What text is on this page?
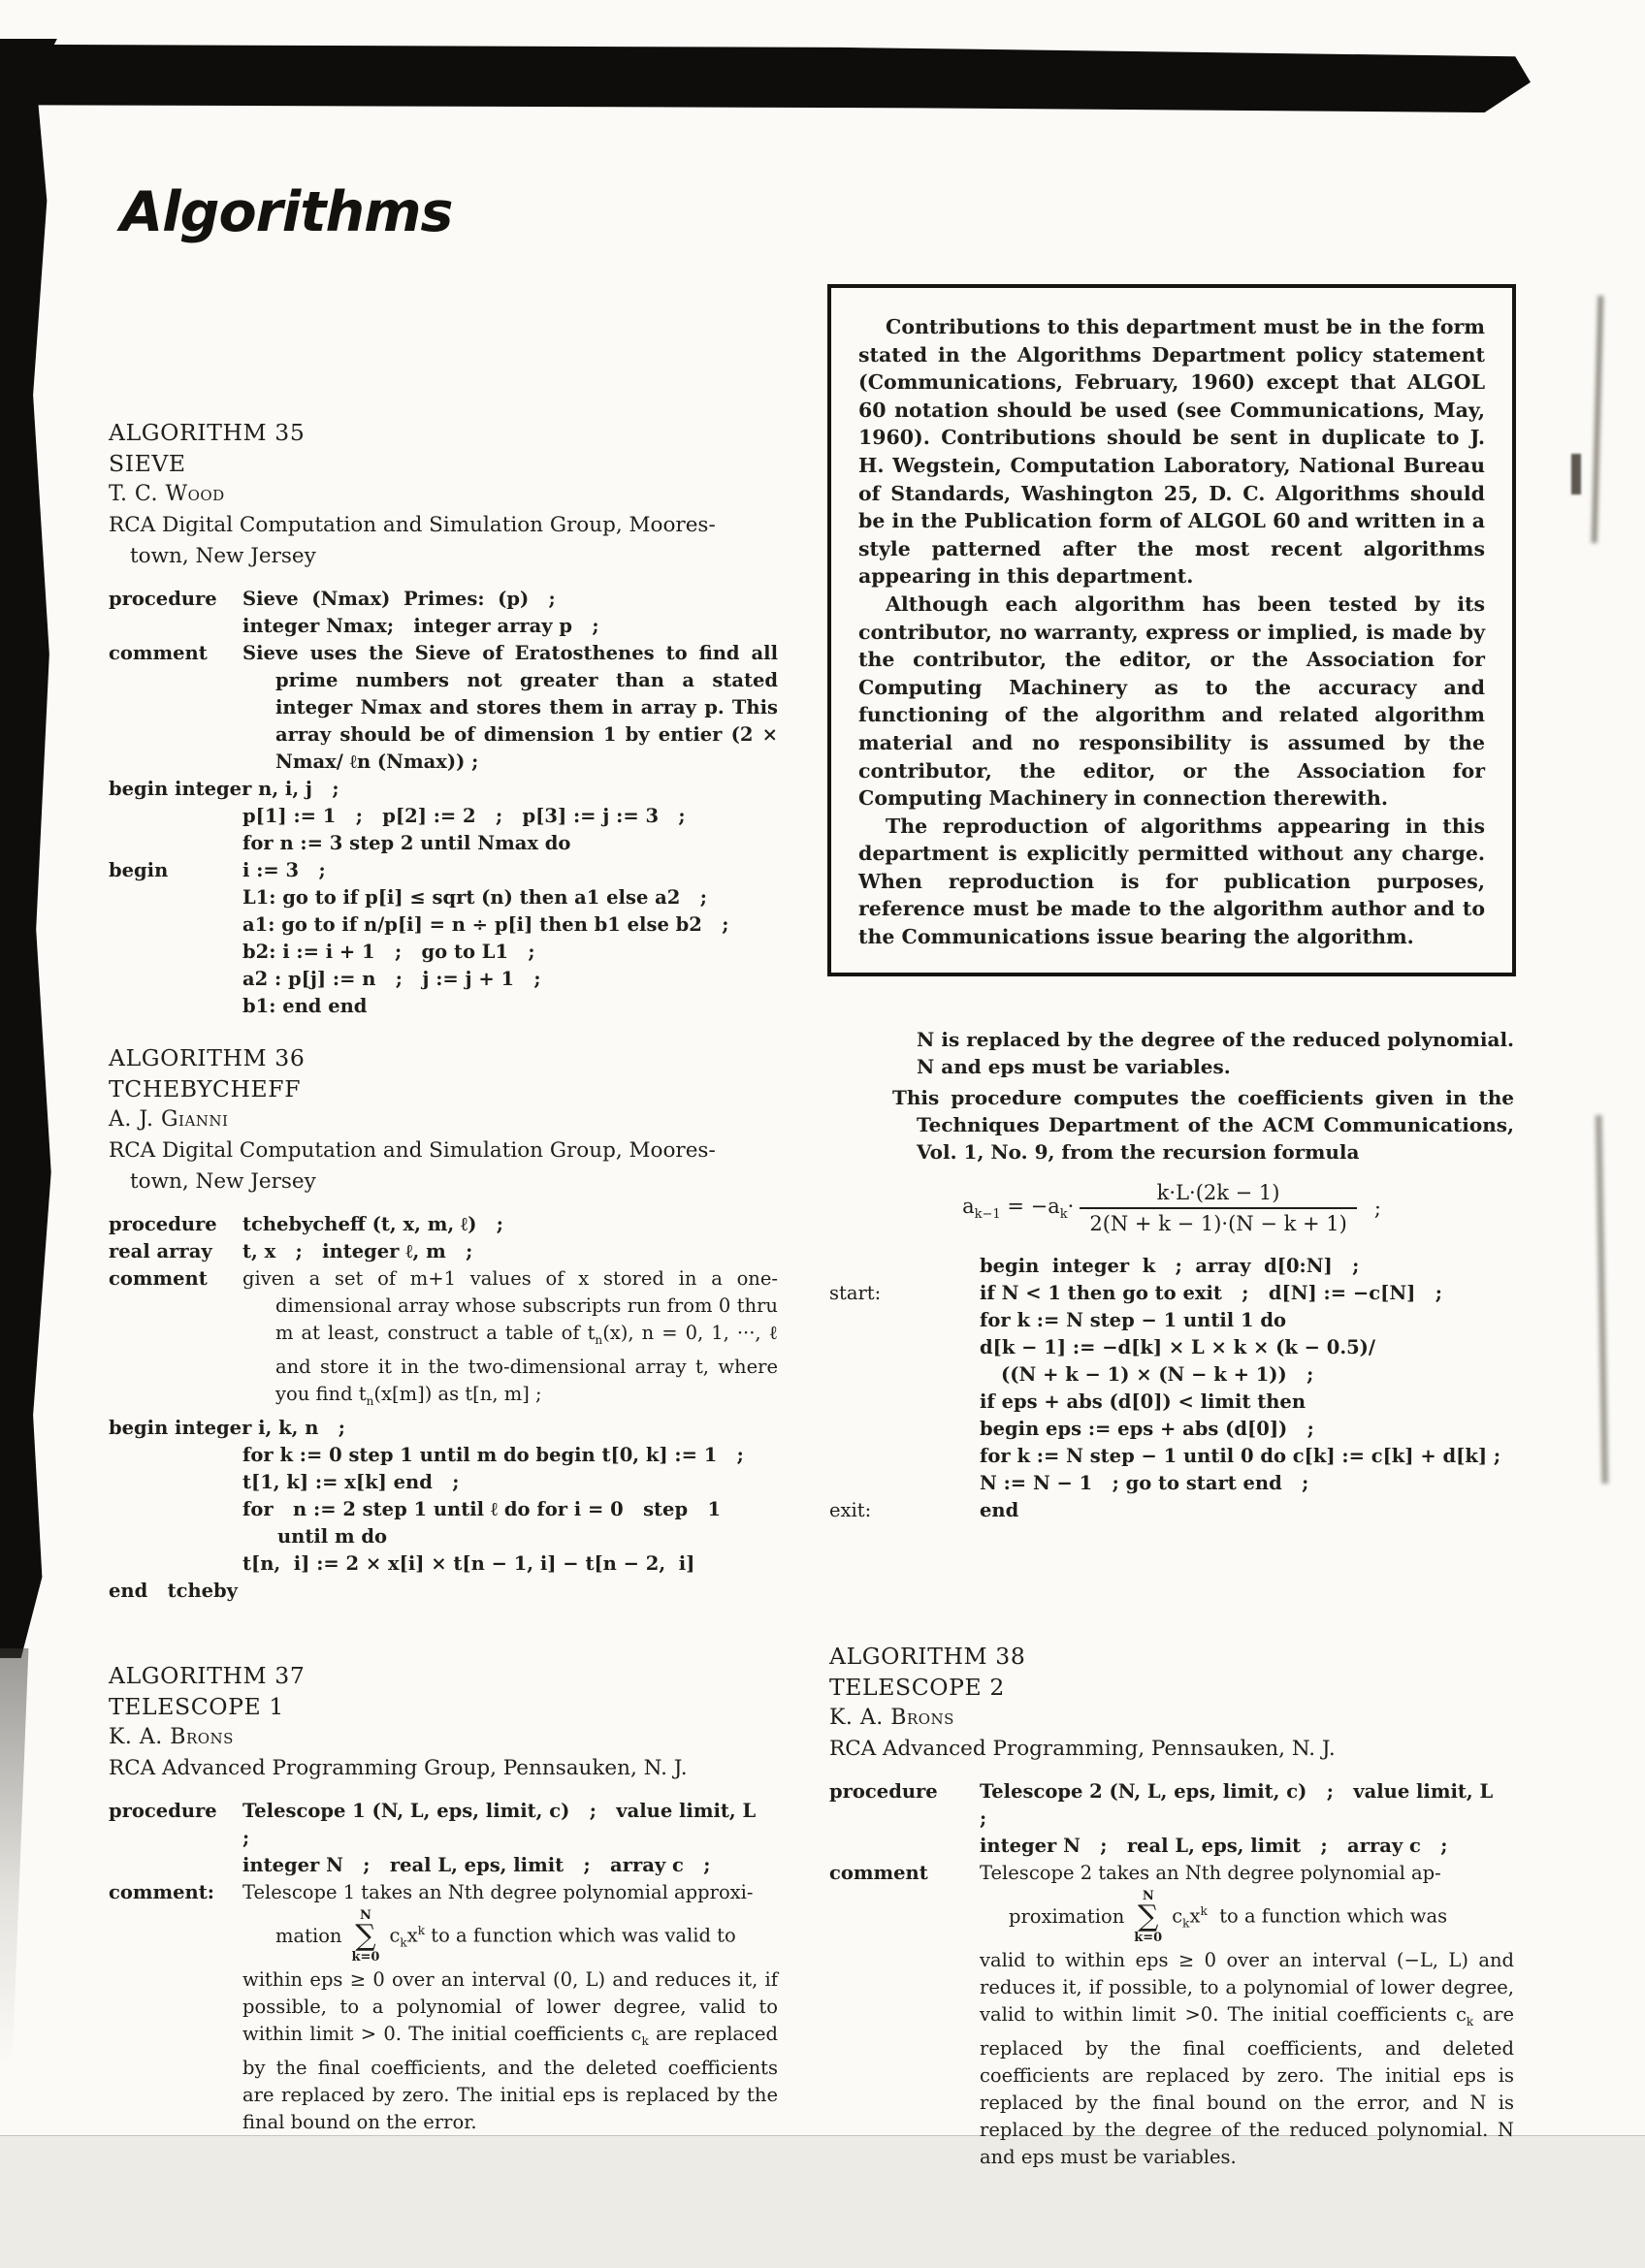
Algorithms

Contributions to this department must be in the form stated in the Algorithms Department policy statement (Communications, February, 1960) except that ALGOL 60 notation should be used (see Communications, May, 1960). Contributions should be sent in duplicate to J. H. Wegstein, Computation Laboratory, National Bureau of Standards, Washington 25, D. C. Algorithms should be in the Publication form of ALGOL 60 and written in a style patterned after the most recent algorithms appearing in this department.

Although each algorithm has been tested by its contributor, no warranty, express or implied, is made by the contributor, the editor, or the Association for Computing Machinery as to the accuracy and functioning of the algorithm and related algorithm material and no responsibility is assumed by the contributor, the editor, or the Association for Computing Machinery in connection therewith.

The reproduction of algorithms appearing in this department is explicitly permitted without any charge. When reproduction is for publication purposes, reference must be made to the algorithm author and to the Communications issue bearing the algorithm.

ALGORITHM 35
SIEVE
T. C. Wood
RCA Digital Computation and Simulation Group, Moores-
town, New Jersey
procedure	Sieve  (Nmax)  Primes:  (p)   ;
integer Nmax;   integer array p   ;
comment	Sieve uses the Sieve of Eratosthenes to find all prime numbers not greater than a stated integer Nmax and stores them in array p. This array should be of dimension 1 by entier (2 × Nmax/ ℓn (Nmax)) ;
begin integer n, i, j   ;
p[1] := 1   ;   p[2] := 2   ;   p[3] := j := 3   ;
for n := 3 step 2 until Nmax do
begin	i := 3   ;
L1: go to if p[i] ≤ sqrt (n) then a1 else a2   ;
a1: go to if n/p[i] = n ÷ p[i] then b1 else b2   ;
b2: i := i + 1   ;   go to L1   ;
a2 : p[j] := n   ;   j := j + 1   ;
b1: end end
ALGORITHM 36
TCHEBYCHEFF
A. J. Gianni
RCA Digital Computation and Simulation Group, Moores-
town, New Jersey
procedure	tchebycheff (t, x, m, ℓ)   ;
real array	t, x   ;   integer ℓ, m   ;
comment	given a set of m+1 values of x stored in a one-dimensional array whose subscripts run from 0 thru m at least, construct a table of $t_n(x)$, n = 0, 1, ···, ℓ and store it in the two-dimensional array t, where you find $t_n(x[m])$ as t[n, m] ;
begin integer i, k, n   ;
for k := 0 step 1 until m do begin t[0, k] := 1   ;
t[1, k] := x[k] end   ;
for   n := 2 step 1 until ℓ do for i = 0   step   1
until m do
t[n,  i] := 2 × x[i] × t[n − 1, i] − t[n − 2,  i]
end   tcheby
ALGORITHM 37
TELESCOPE 1
K. A. Brons
RCA Advanced Programming Group, Pennsauken, N. J.
procedure	Telescope 1 (N, L, eps, limit, c)   ;   value limit, L   ;
integer N   ;   real L, eps, limit   ;   array c   ;
comment:	Telescope 1 takes an Nth degree polynomial approxi-
mation
N
∑
k=0
$c_kx^k$ to a function which was valid to
within eps ≥ 0 over an interval (0, L) and reduces it, if possible, to a polynomial of lower degree, valid to within limit > 0. The initial coefficients $c_k$ are replaced by the final coefficients, and the deleted coefficients are replaced by zero. The initial eps is replaced by the final bound on the error.

N is replaced by the degree of the reduced polynomial. N and eps must be variables.

This procedure computes the coefficients given in the Techniques Department of the ACM Communications, Vol. 1, No. 9, from the recursion formula

$a_{k-1} = -a_k\cdot \frac{k\cdot L\cdot(2k - 1)}{2(N + k - 1)\cdot(N - k + 1)}$ ;
begin  integer  k   ;  array  d[0:N]   ;
start:	if N < 1 then go to exit   ;   d[N] := −c[N]   ;
for k := N step − 1 until 1 do
d[k − 1] := −d[k] × L × k × (k − 0.5)/
((N + k − 1) × (N − k + 1))   ;
if eps + abs (d[0]) < limit then
begin eps := eps + abs (d[0])   ;
for k := N step − 1 until 0 do c[k] := c[k] + d[k] ;
N := N − 1   ; go to start end   ;
exit:	end
ALGORITHM 38
TELESCOPE 2
K. A. Brons
RCA Advanced Programming, Pennsauken, N. J.
procedure	Telescope 2 (N, L, eps, limit, c)   ;   value limit, L   ;
integer N   ;   real L, eps, limit   ;   array c   ;
comment	Telescope 2 takes an Nth degree polynomial ap-
proximation
N
∑
k=0
$c_kx^k$  to a function which was
valid to within eps ≥ 0 over an interval (−L, L) and reduces it, if possible, to a polynomial of lower degree, valid to within limit >0. The initial coefficients $c_k$ are replaced by the final coefficients, and deleted coefficients are replaced by zero. The initial eps is replaced by the final bound on the error, and N is replaced by the degree of the reduced polynomial. N and eps must be variables.
